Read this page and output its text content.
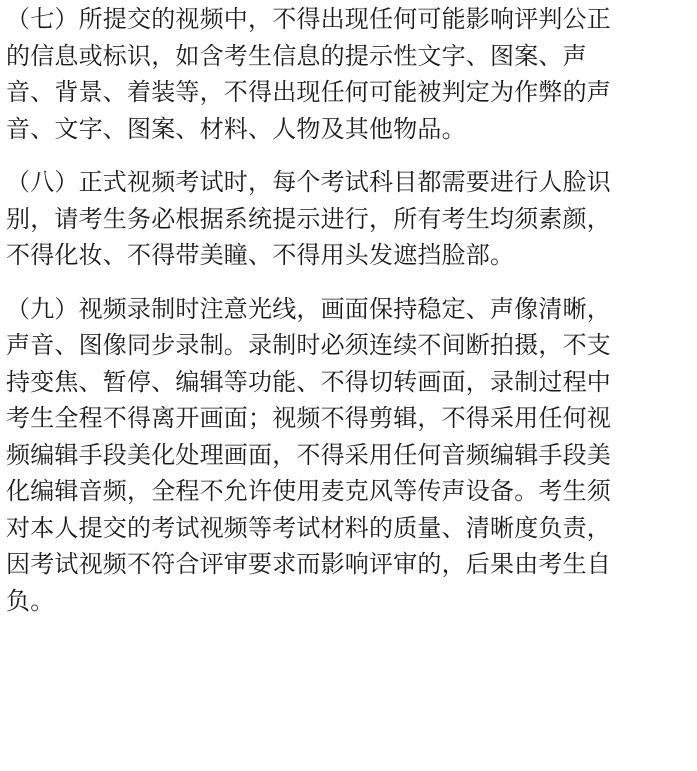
（七）所提交的视频中，不得出现任何可能影响评判公正
的信息或标识，如含考生信息的提示性文字、图案、声
音、背景、着装等，不得出现任何可能被判定为作弊的声
音、文字、图案、材料、人物及其他物品。
（八）正式视频考试时，每个考试科目都需要进行人脸识
别，请考生务必根据系统提示进行，所有考生均须素颜，
不得化妆、不得带美瞳、不得用头发遮挡脸部。
（九）视频录制时注意光线，画面保持稳定、声像清晰，
声音、图像同步录制。录制时必须连续不间断拍摄，不支
持变焦、暂停、编辑等功能、不得切转画面，录制过程中
考生全程不得离开画面；视频不得剪辑，不得采用任何视
频编辑手段美化处理画面，不得采用任何音频编辑手段美
化编辑音频，全程不允许使用麦克风等传声设备。考生须
对本人提交的考试视频等考试材料的质量、清晰度负责，
因考试视频不符合评审要求而影响评审的，后果由考生自
负。
